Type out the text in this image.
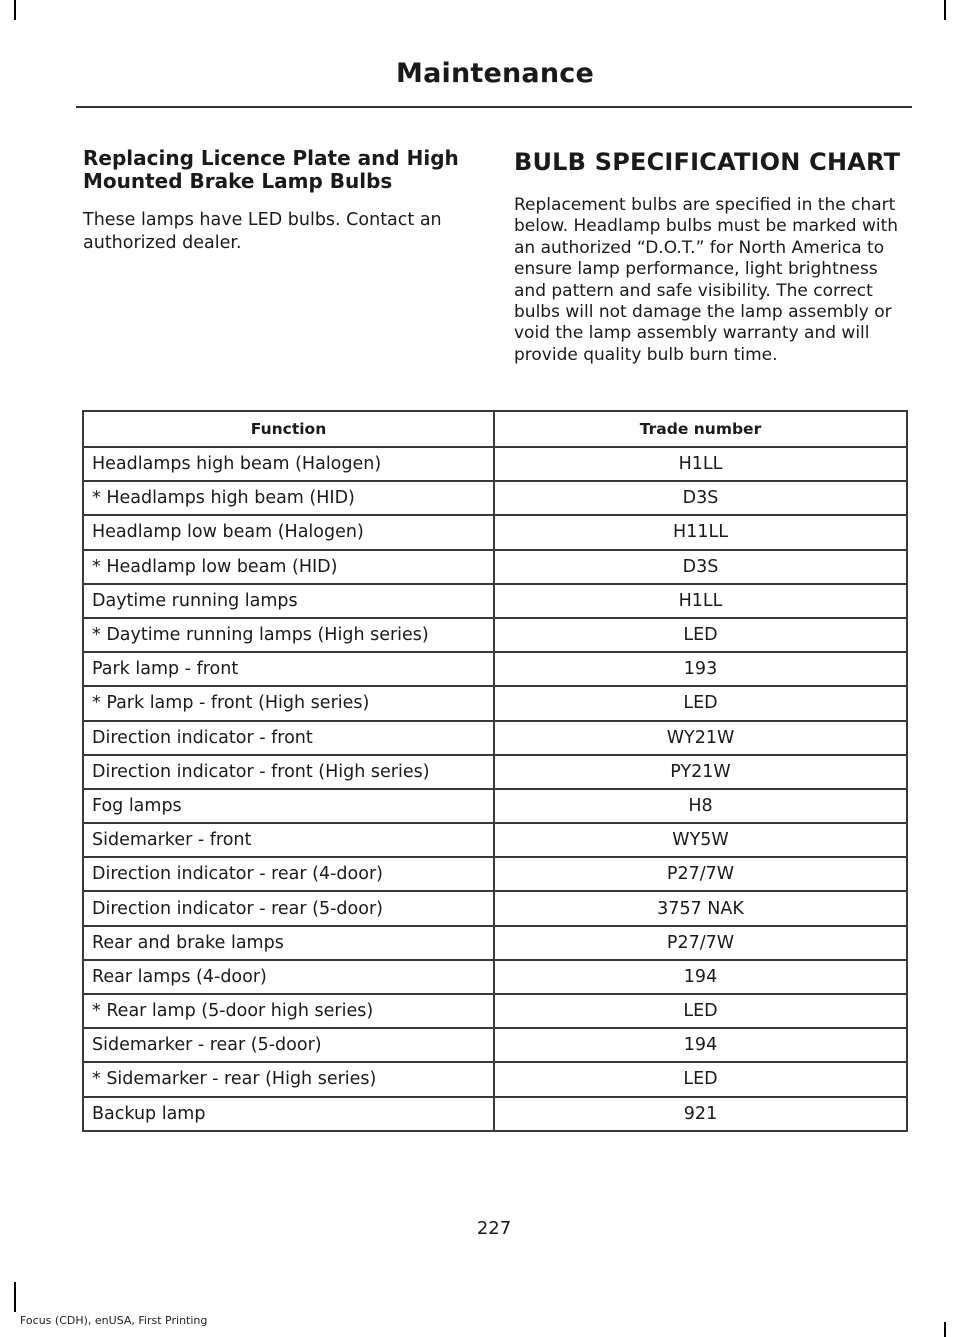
Maintenance
Replacing Licence Plate and High Mounted Brake Lamp Bulbs

These lamps have LED bulbs. Contact an authorized dealer.

BULB SPECIFICATION CHART

Replacement bulbs are specified in the chart below. Headlamp bulbs must be marked with an authorized “D.O.T.” for North America to ensure lamp performance, light brightness and pattern and safe visibility. The correct bulbs will not damage the lamp assembly or void the lamp assembly warranty and will provide quality bulb burn time.

Function	Trade number
Headlamps high beam (Halogen)	H1LL
* Headlamps high beam (HID)	D3S
Headlamp low beam (Halogen)	H11LL
* Headlamp low beam (HID)	D3S
Daytime running lamps	H1LL
* Daytime running lamps (High series)	LED
Park lamp - front	193
* Park lamp - front (High series)	LED
Direction indicator - front	WY21W
Direction indicator - front (High series)	PY21W
Fog lamps	H8
Sidemarker - front	WY5W
Direction indicator - rear (4-door)	P27/7W
Direction indicator - rear (5-door)	3757 NAK
Rear and brake lamps	P27/7W
Rear lamps (4-door)	194
* Rear lamp (5-door high series)	LED
Sidemarker - rear (5-door)	194
* Sidemarker - rear (High series)	LED
Backup lamp	921
227
Focus (CDH), enUSA, First Printing
